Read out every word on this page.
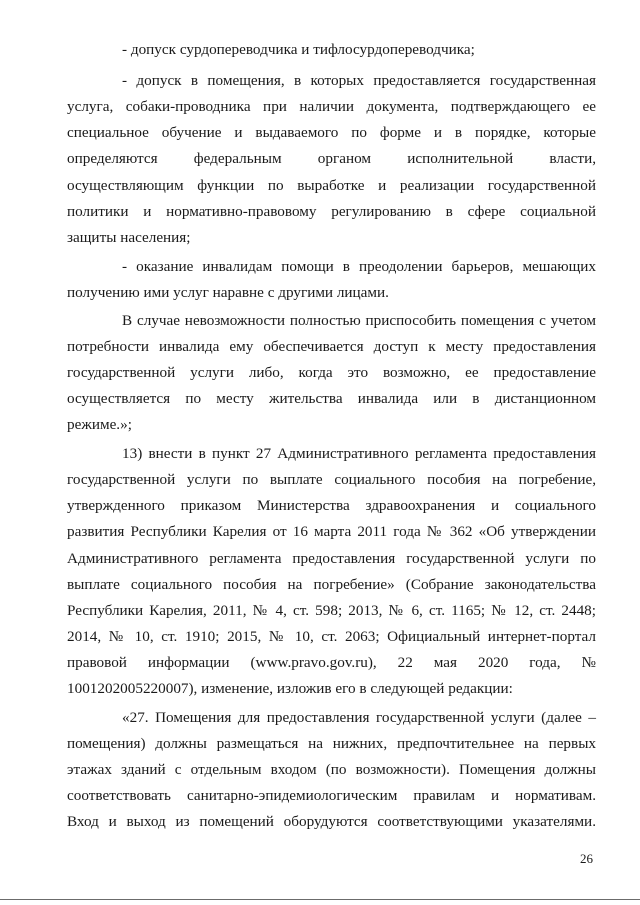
- допуск сурдопереводчика и тифлосурдопереводчика;

- допуск в помещения, в которых предоставляется государственная

услуга, собаки-проводника при наличии документа, подтверждающего ее

специальное обучение и выдаваемого по форме и в порядке, которые

определяются федеральным органом исполнительной власти,

осуществляющим функции по выработке и реализации государственной

политики и нормативно-правовому регулированию в сфере социальной

защиты населения;

- оказание инвалидам помощи в преодолении барьеров, мешающих

получению ими услуг наравне с другими лицами.

В случае невозможности полностью приспособить помещения с учетом

потребности инвалида ему обеспечивается доступ к месту предоставления

государственной услуги либо, когда это возможно, ее предоставление

осуществляется по месту жительства инвалида или в дистанционном

режиме.»;

13) внести в пункт 27 Административного регламента предоставления

государственной услуги по выплате социального пособия на погребение,

утвержденного приказом Министерства здравоохранения и социального

развития Республики Карелия от 16 марта 2011 года № 362 «Об утверждении

Административного регламента предоставления государственной услуги по

выплате социального пособия на погребение» (Собрание законодательства

Республики Карелия, 2011, № 4, ст. 598; 2013, № 6, ст. 1165; № 12, ст. 2448;

2014, № 10, ст. 1910; 2015, № 10, ст. 2063; Официальный интернет-портал

правовой информации (www.pravo.gov.ru), 22 мая 2020 года, №

1001202005220007), изменение, изложив его в следующей редакции:

«27. Помещения для предоставления государственной услуги (далее –

помещения) должны размещаться на нижних, предпочтительнее на первых

этажах зданий с отдельным входом (по возможности). Помещения должны

соответствовать санитарно-эпидемиологическим правилам и нормативам.

Вход и выход из помещений оборудуются соответствующими указателями.

26
